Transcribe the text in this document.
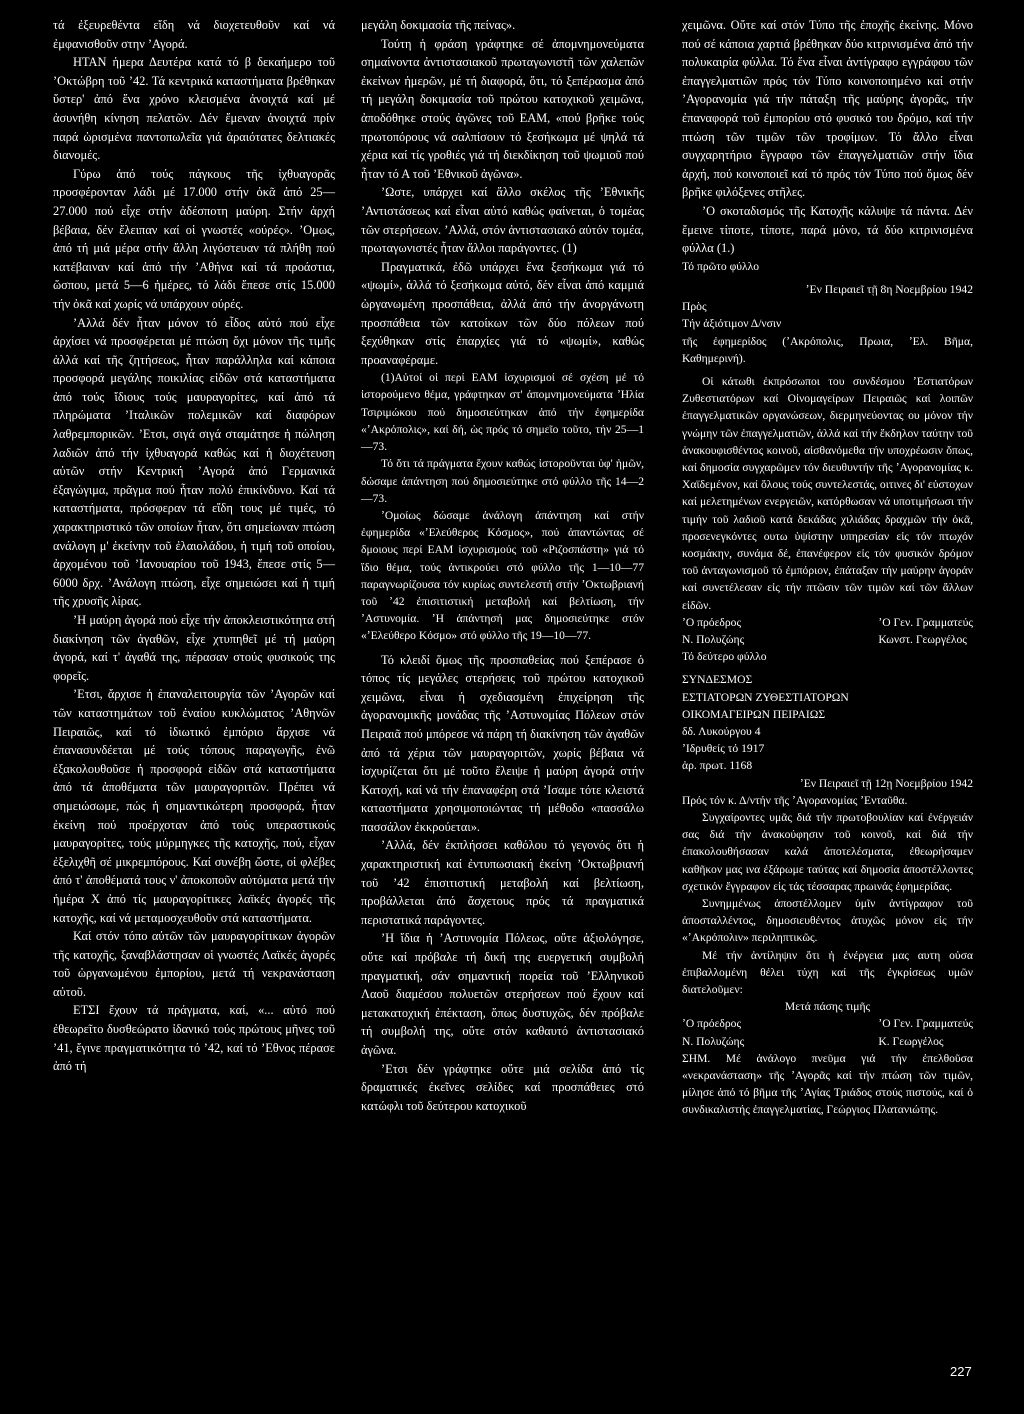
τά ἐξευρεθέντα εἴδη νά διοχετευθοῦν καί νά ἐμφανισθοῦν στην ʼΑγορά.

ΗΤΑΝ ἡμερα Δευτέρα κατά τό β δεκαήμερο τοῦ ʼΟκτώβρη τοῦ ʼ42. Τά κεντρικά καταστήματα βρέθηκαν ὕστερ' ἀπό ἕνα χρόνο κλεισμένα ἀνοιχτά καί μέ ἀσυνήθη κίνηση πελατῶν. Δέν ἔμεναν ἀνοιχτά πρίν παρά ὡρισμένα παντοπωλεῖα γιά ἀραιότατες δελτιακές διανομές.

Γύρω ἀπό τούς πάγκους τῆς ἰχθυαγορᾶς προσφέρονταν λάδι μέ 17.000 στήν ὀκᾶ ἀπό 25—27.000 πού εἶχε στήν ἀδέσποτη μαύρη. Στήν ἀρχή βέβαια, δέν ἔλειπαν καί οἱ γνωστές «ούρές». ʼΟμως, ἀπό τή μιά μέρα στήν ἄλλη λιγόστευαν τά πλήθη πού κατέβαιναν καί ἀπό τήν ʼΑθήνα καί τά προάστια, ὥσπου, μετά 5—6 ἡμέρες, τό λάδι ἔπεσε στίς 15.000 τήν ὀκᾶ καί χωρίς νά υπάρχουν ούρές.

ʼΑλλά δέν ἦταν μόνον τό εἶδος αὐτό πού εἶχε ἀρχίσει νά προσφέρεται μέ πτώση ὄχι μόνον τῆς τιμῆς ἀλλά καί τῆς ζητήσεως, ἦταν παράλληλα καί κάποια προσφορά μεγάλης ποικιλίας εἰδῶν στά καταστήματα ἀπό τούς ἴδιους τούς μαυραγορίτες, καί ἀπό τά πληρώματα ʼΙταλικῶν πολεμικῶν καί διαφόρων λαθρεμπορικῶν. ʼΕτσι, σιγά σιγά σταμάτησε ἡ πώληση λαδιῶν ἀπό τήν ἰχθυαγορά καθώς καί ἡ διοχέτευση αὐτῶν στήν Κεντρική ʼΑγορά ἀπό Γερμανικά ἐξαγώγιμα, πρᾶγμα πού ἦταν πολύ ἐπικίνδυνο. Καί τά καταστήματα, πρόσφεραν τά εἴδη τους μέ τιμές, τό χαρακτηριστικό τῶν οποίων ἦταν, ὅτι σημείωναν πτώση ανάλογη μ' ἐκείνην τοῦ ἐλαιολάδου, ἡ τιμή τοῦ οποίου, ἀρχομένου τοῦ ʼΙανουαρίου τοῦ 1943, ἔπεσε στίς 5—6000 δρχ. ʼΑνάλογη πτώση, εἶχε σημειώσει καί ἡ τιμή τῆς χρυσῆς λίρας.

ʼΗ μαύρη ἀγορά πού εἶχε τήν ἀποκλειστικότητα στή διακίνηση τῶν ἀγαθῶν, εἶχε χτυπηθεῖ μέ τή μαύρη ἀγορά, καί τ' ἀγαθά της, πέρασαν στούς φυσικούς της φορεῖς.

ʼΕτσι, ἄρχισε ἡ ἐπαναλειτουργία τῶν ʼΑγορῶν καί τῶν καταστημάτων τοῦ ἐναίου κυκλώματος ʼΑθηνῶν Πειραιῶς, καί τό ἰδιωτικό ἐμπόριο ἄρχισε νά ἐπανασυνδέεται μέ τούς τόπους παραγωγῆς, ἐνῶ ἐξακολουθοῦσε ἡ προσφορά εἰδῶν στά καταστήματα ἀπό τά ἀποθέματα τῶν μαυραγοριτῶν. Πρέπει νά σημειώσωμε, πώς ἡ σημαντικώτερη προσφορά, ἦταν ἐκείνη πού προέρχοταν ἀπό τούς υπεραστικούς μαυραγορίτες, τούς μύρμηγκες τῆς κατοχῆς, πού, εἶχαν ἐξελιχθῆ σέ μικρεμπόρους. Καί συνέβη ὥστε, οἱ φλέβες ἀπό τ' ἀποθέματά τους ν' ἀποκοποῦν αὐτόματα μετά τήν ἡμέρα Χ ἀπό τίς μαυραγορίτικες λαϊκές ἀγορές τῆς κατοχῆς, καί νά μεταμοσχευθοῦν στά καταστήματα.

Καί στόν τόπο αὐτῶν τῶν μαυραγορίτικων ἀγορῶν τῆς κατοχῆς, ξαναβλάστησαν οἱ γνωστές Λαϊκές ἀγορές τοῦ ὠργανωμένου ἐμπορίου, μετά τή νεκρανάσταση αὐτοῦ.

ΕΤΣΙ ἔχουν τά πράγματα, καί, «... αὐτό πού ἐθεωρεῖτο δυσθεώρατο ἰδανικό τούς πρώτους μῆνες τοῦ ʼ41, ἔγινε πραγματικότητα τό ʼ42, καί τό ʼΕθνος πέρασε ἀπό τή

μεγάλη δοκιμασία τῆς πείνας».

Τούτη ἡ φράση γράφτηκε σέ ἀπομνημονεύματα σημαίνοντα ἀντιστασιακοῦ πρωταγωνιστῆ τῶν χαλεπῶν ἐκείνων ἡμερῶν, μέ τή διαφορά, ὅτι, τό ξεπέρασμα ἀπό τή μεγάλη δοκιμασία τοῦ πρώτου κατοχικοῦ χειμῶνα, ἀποδόθηκε στούς ἀγῶνες τοῦ ΕΑΜ, «πού βρῆκε τούς πρωτοπόρους νά σαλπίσουν τό ξεσήκωμα μέ ψηλά τά χέρια καί τίς γροθιές γιά τή διεκδίκηση τοῦ ψωμιοῦ πού ἦταν τό Α τοῦ ʼΕθνικοῦ ἀγῶνα».

ʼΩστε, υπάρχει καί ἄλλο σκέλος τῆς ʼΕθνικῆς ʼΑντιστάσεως καί εἶναι αὐτό καθώς φαίνεται, ὁ τομέας τῶν στερήσεων. ʼΑλλά, στόν ἀντιστασιακό αὐτόν τομέα, πρωταγωνιστές ἦταν ἄλλοι παράγοντες. (1)

Πραγματικά, ἐδῶ υπάρχει ἕνα ξεσήκωμα γιά τό «ψωμί», ἀλλά τό ξεσήκωμα αὐτό, δέν εἶναι ἀπό καμμιά ὠργανωμένη προσπάθεια, ἀλλά ἀπό τήν ἀνοργάνωτη προσπάθεια τῶν κατοίκων τῶν δύο πόλεων πού ξεχύθηκαν στίς ἐπαρχίες γιά τό «ψωμί», καθώς προαναφέραμε.

(1)Αὐτοί οἱ περί ΕΑΜ ἰσχυρισμοί σέ σχέση μέ τό ἱστορούμενο θέμα, γράφτηκαν στ' ἀπομνημονεύματα ʼΗλία Τσιριμώκου πού δημοσιεύτηκαν ἀπό τήν ἐφημερίδα «ʼΑκρόπολις», καί δή, ὡς πρός τό σημεῖο τοῦτο, τήν 25—1—73.

Τό ὅτι τά πράγματα ἔχουν καθώς ἱστοροῦνται ὑφ' ἡμῶν, δώσαμε ἀπάντηση πού δημοσιεύτηκε στό φύλλο τῆς 14—2—73.

ʼΟμοίως δώσαμε ἀνάλογη ἀπάντηση καί στήν ἐφημερίδα «ʼΕλεύθερος Κόσμος», πού ἀπαντώντας σέ δμοιους περί ΕΑΜ ἰσχυρισμούς τοῦ «Ριζοσπάστη» γιά τό ἴδιο θέμα, τούς ἀντικρούει στό φύλλο τῆς 1—10—77 παραγνωρίζουσα τόν κυρίως συντελεστή στήν ʼΟκτωβριανή τοῦ ʼ42 ἐπισιτιστική μεταβολή καί βελτίωση, τήν ʼΑστυνομία. ʼΗ ἀπάντησή μας δημοσιεύτηκε στόν «ʼΕλεύθερο Κόσμο» στό φύλλο τῆς 19—10—77.

Τό κλειδί ὅμως τῆς προσπαθείας πού ξεπέρασε ὁ τόπος τίς μεγάλες στερήσεις τοῦ πρώτου κατοχικοῦ χειμῶνα, εἶναι ἡ σχεδιασμένη ἐπιχείρηση τῆς ἀγορανομικῆς μονάδας τῆς ʼΑστυνομίας Πόλεων στόν Πειραιᾶ πού μπόρεσε νά πάρη τή διακίνηση τῶν ἀγαθῶν ἀπό τά χέρια τῶν μαυραγοριτῶν, χωρίς βέβαια νά ἰσχυρίζεται ὅτι μέ τοῦτο ἔλειψε ἡ μαύρη ἀγορά στήν Κατοχή, καί νά τήν ἐπαναφέρη στά ʼΙσαμε τότε κλειστά καταστήματα χρησιμοποιώντας τή μέθοδο «πασσάλω πασσάλον ἐκκρούεται».

ʼΑλλά, δέν ἐκπλήσσει καθόλου τό γεγονός ὅτι ἡ χαρακτηριστική καί ἐντυπωσιακή ἐκείνη ʼΟκτωβριανή τοῦ ʼ42 ἐπισιτιστική μεταβολή καί βελτίωση, προβάλλεται ἀπό ἄσχετους πρός τά πραγματικά περιστατικά παράγοντες.

ʼΗ ἴδια ἡ ʼΑστυνομία Πόλεως, οὔτε ἀξιολόγησε, οὔτε καί πρόβαλε τή δική της ευεργετική συμβολή πραγματική, σάν σημαντική πορεία τοῦ ʼΕλληνικοῦ Λαοῦ διαμέσου πολυετῶν στερήσεων πού ἔχουν καί μετακατοχική ἐπέκταση, ὅπως δυστυχῶς, δέν πρόβαλε τή συμβολή της, οὔτε στόν καθαυτό ἀντιστασιακό ἀγῶνα.

ʼΕτσι δέν γράφτηκε οὔτε μιά σελίδα ἀπό τίς δραματικές ἐκεῖνες σελίδες καί προσπάθειες στό κατώφλι τοῦ δεύτερου κατοχικοῦ

χειμῶνα. Οὔτε καί στόν Τύπο τῆς ἐποχῆς ἐκείνης. Μόνο πού σέ κάποια χαρτιά βρέθηκαν δύο κιτρινισμένα ἀπό τήν πολυκαιρία φύλλα. Τό ἕνα εἶναι ἀντίγραφο εγγράφου τῶν ἐπαγγελματιῶν πρός τόν Τύπο κοινοποιημένο καί στήν ʼΑγορανομία γιά τήν πάταξη τῆς μαύρης ἀγορᾶς, τήν ἐπαναφορά τοῦ ἐμπορίου στό φυσικό του δρόμο, καί τήν πτώση τῶν τιμῶν τῶν τροφίμων. Τό ἄλλο εἶναι συγχαρητήριο ἔγγραφο τῶν ἐπαγγελματιῶν στήν ἴδια ἀρχή, πού κοινοποιεῖ καί τό πρός τόν Τύπο πού ὅμως δέν βρῆκε φιλόξενες στῆλες.

ʼΟ σκοταδισμός τῆς Κατοχῆς κάλυψε τά πάντα. Δέν ἔμεινε τίποτε, τίποτε, παρά μόνο, τά δύο κιτρινισμένα φύλλα (1.)

Τό πρῶτο φύλλο

ʼΕν Πειραιεῖ τῇ 8η Νοεμβρίου 1942

Πρὸς

Τήν ἀξιότιμον Δ/νσιν

τῆς ἐφημερίδος (ʼΑκρόπολις, Πρωια, ʼΕλ. Βῆμα, Καθημερινή).

Οἱ κάτωθι ἐκπρόσωποι του συνδέσμου ʼΕστιατόρων Ζυθεστιατόρων καί Οἰνομαγείρων Πειραιῶς καί λοιπῶν ἐπαγγελματικῶν οργανώσεων, διερμηνεύοντας ου μόνον τήν γνώμην τῶν ἐπαγγελματιῶν, ἀλλά καί τήν ἔκδηλον ταύτην τοῦ ἀνακουφισθέντος κοινοῦ, αἰσθανόμεθα τήν υποχρέωσιν ὅπως, καί δημοσία συγχαρῶμεν τόν διευθυντήν τῆς ʼΑγορανομίας κ. Χαϊδεμένον, καί ὅλους τούς συντελεστάς, οιτινες δι' εὐστοχων καί μελετημένων ενεργειῶν, κατόρθωσαν νά υποτιμήσωσι τήν τιμήν τοῦ λαδιοῦ κατά δεκάδας χιλιάδας δραχμῶν τήν ὀκᾶ, προσενεγκόντες ουτω ὑψίστην υπηρεσίαν εἰς τόν πτωχόν κοσμάκην, συνάμα δέ, ἐπανέφερον εἰς τόν φυσικόν δρόμον τοῦ ἀνταγωνισμοῦ τό ἐμπόριον, ἐπάταξαν τήν μαύρην ἀγοράν καί συνετέλεσαν εἰς τήν πτῶσιν τῶν τιμῶν καί τῶν ἄλλων εἰδῶν.

ʼΟ πρόεδρος
Ν. Πολυζώης
ʼΟ Γεν. Γραμματεύς
Κωνστ. Γεωργέλος

Τό δεύτερο φύλλο

ΣΥΝΔΕΣΜΟΣ

ΕΣΤΙΑΤΟΡΩΝ ΖΥΘΕΣΤΙΑΤΟΡΩΝ

ΟΙΚΟΜΑΓΕΙΡΩΝ ΠΕΙΡΑΙΩΣ

δδ. Λυκούργου 4

ʼΙδρυθείς τό 1917

ἀρ. πρωτ. 1168

ʼΕν Πειραιεῖ τῇ 12ῃ Νοεμβρίου 1942

Πρός τόν κ. Δ/ντήν τῆς ʼΑγορανομίας ʼΕνταῦθα.

Συγχαίροντες υμᾶς διά τήν πρωτοβουλίαν καί ἐνέργειάν σας διά τήν ἀνακούφησιν τοῦ κοινοῦ, καί διά τήν ἐπακολουθήσασαν καλά ἀποτελέσματα, ἐθεωρήσαμεν καθῆκον μας ινα ἐξάρωμε ταύτας καί δημοσία ἀποστέλλοντες σχετικόν ἔγγραφον εἰς τάς τέσσαρας πρωινάς ἐφημερίδας.

Συνημμένως ἀποστέλλομεν ὑμῖν ἀντίγραφον τοῦ ἀποσταλλέντος, δημοσιευθέντος ἀτυχῶς μόνον εἰς τήν «ʼΑκρόπολιν» περιληπτικῶς.

Μέ τήν ἀντίληψιν ὅτι ἡ ἐνέργεια μας αυτη οὐσα ἐπιβαλλομένη θέλει τύχη καί τῆς ἐγκρίσεως υμῶν διατελοῦμεν:

Μετά πάσης τιμῆς

ʼΟ πρόεδρος
Ν. Πολυζώης
ʼΟ Γεν. Γραμματεύς
Κ. Γεωργέλος

ΣΗΜ. Μέ ἀνάλογο πνεῦμα γιά τήν ἐπελθοῦσα «νεκρανάσταση» τῆς ʼΑγορᾶς καί τήν πτώση τῶν τιμῶν, μίλησε ἀπό τό βῆμα τῆς ʼΑγίας Τριάδος στούς πιστούς, καί ὁ συνδικαλιστής ἐπαγγελματίας, Γεώργιος Πλατανιώτης.

227
